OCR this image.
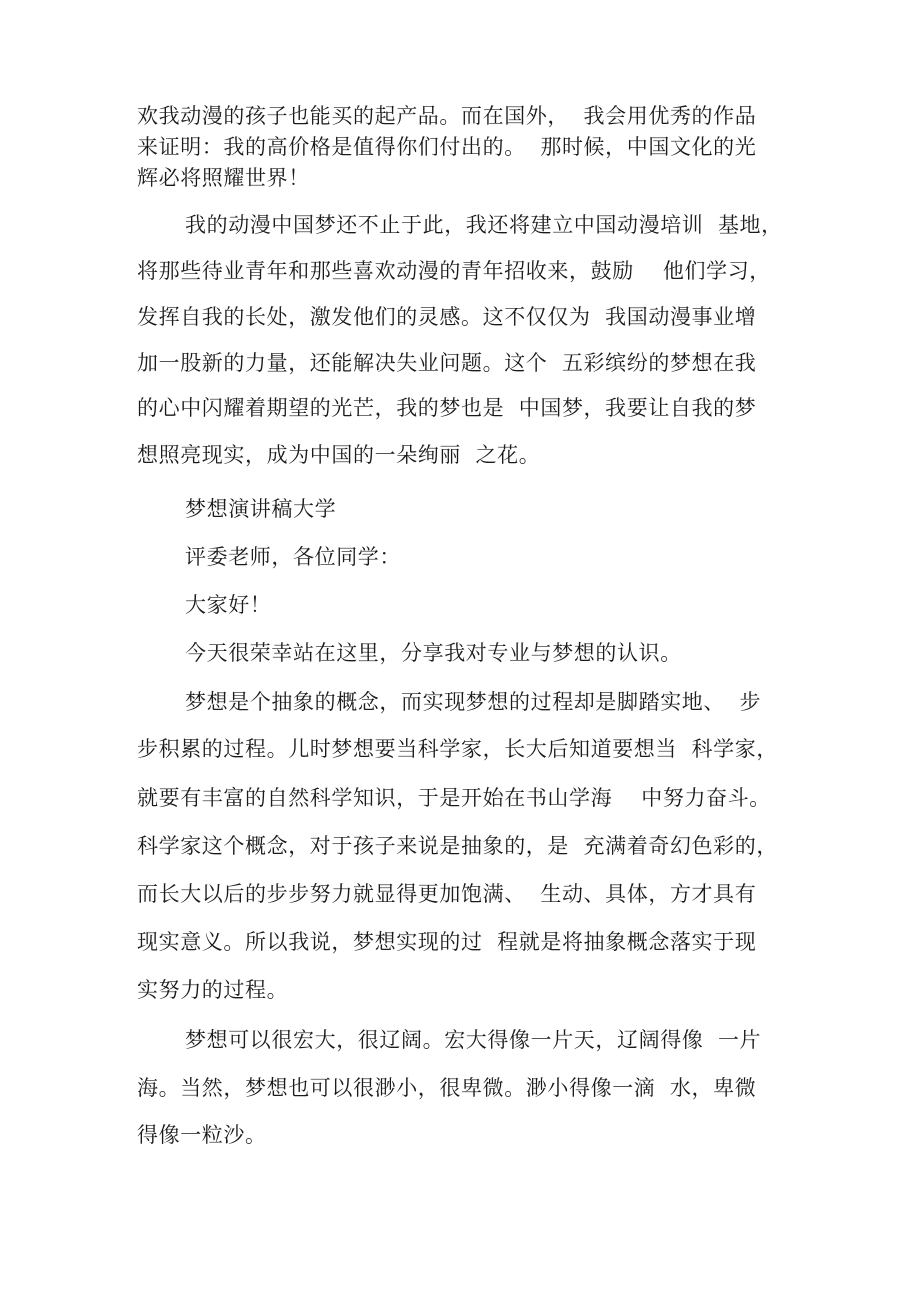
欢我动漫的孩子也能买的起产品。而在国外，  我会用优秀的作品

来证明：我的高价格是值得你们付出的。  那时候，中国文化的光

辉必将照耀世界！

我的动漫中国梦还不止于此，我还将建立中国动漫培训  基地，

将那些待业青年和那些喜欢动漫的青年招收来，鼓励    他们学习，

发挥自我的长处，激发他们的灵感。这不仅仅为  我国动漫事业增

加一股新的力量，还能解决失业问题。这个  五彩缤纷的梦想在我

的心中闪耀着期望的光芒，我的梦也是  中国梦，我要让自我的梦

想照亮现实，成为中国的一朵绚丽  之花。

梦想演讲稿大学

评委老师，各位同学：

大家好！

今天很荣幸站在这里，分享我对专业与梦想的认识。

梦想是个抽象的概念，而实现梦想的过程却是脚踏实地、  步

步积累的过程。儿时梦想要当科学家，长大后知道要想当  科学家，

就要有丰富的自然科学知识，于是开始在书山学海    中努力奋斗。

科学家这个概念，对于孩子来说是抽象的，是  充满着奇幻色彩的，

而长大以后的步步努力就显得更加饱满、  生动、具体，方才具有

现实意义。所以我说，梦想实现的过  程就是将抽象概念落实于现

实努力的过程。

梦想可以很宏大，很辽阔。宏大得像一片天，辽阔得像  一片

海。当然，梦想也可以很渺小，很卑微。渺小得像一滴  水，卑微

得像一粒沙。
